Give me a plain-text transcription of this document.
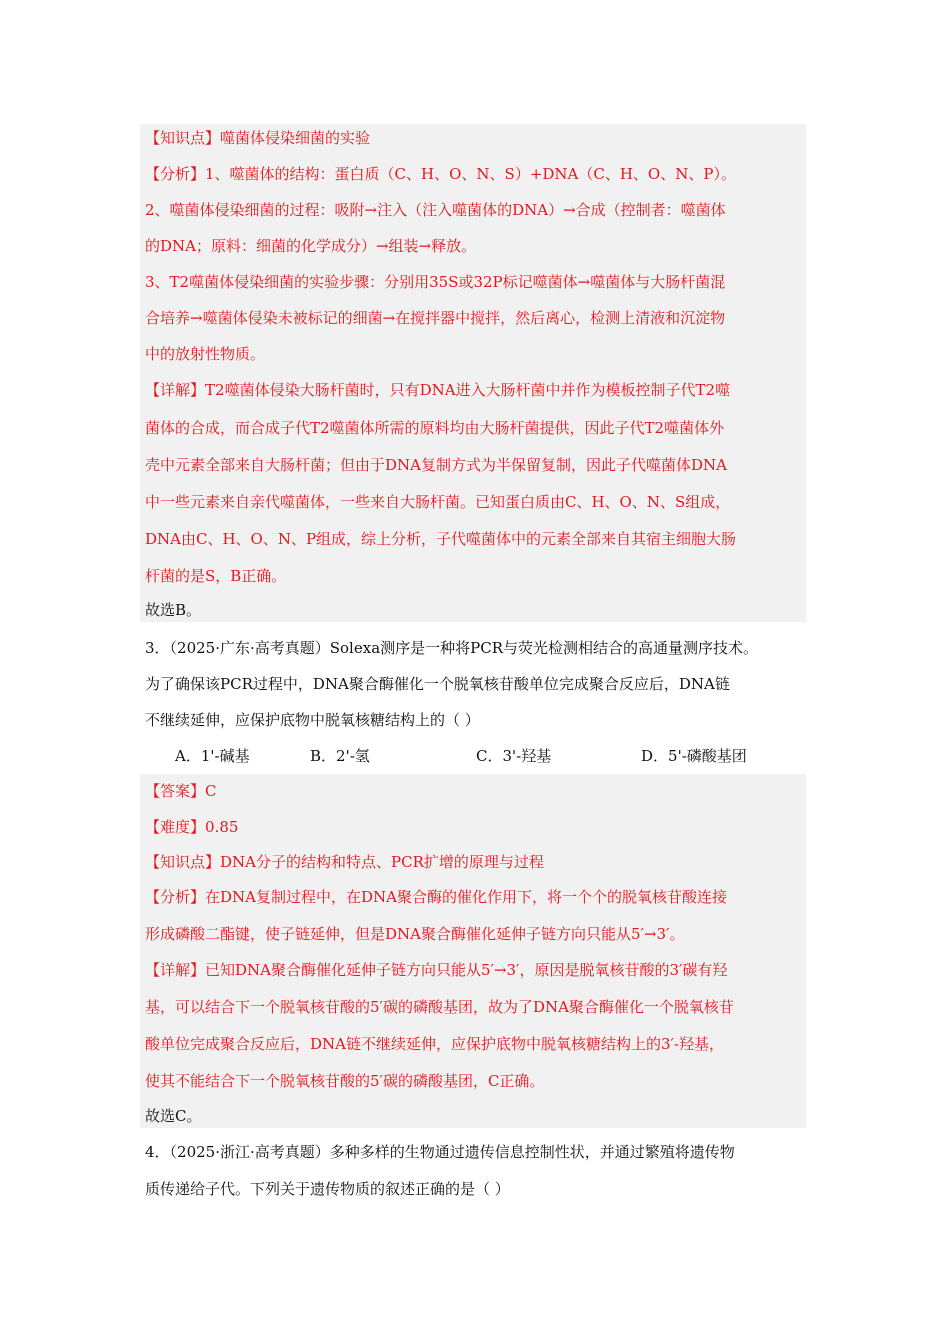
【知识点】噬菌体侵染细菌的实验
【分析】1、噬菌体的结构：蛋白质（C、H、O、N、S）+DNA（C、H、O、N、P）。
2、噬菌体侵染细菌的过程：吸附→注入（注入噬菌体的DNA）→合成（控制者：噬菌体
的DNA；原料：细菌的化学成分）→组装→释放。
3、T2噬菌体侵染细菌的实验步骤：分别用35S或32P标记噬菌体→噬菌体与大肠杆菌混
合培养→噬菌体侵染未被标记的细菌→在搅拌器中搅拌，然后离心，检测上清液和沉淀物
中的放射性物质。
【详解】T2噬菌体侵染大肠杆菌时，只有DNA进入大肠杆菌中并作为模板控制子代T2噬
菌体的合成，而合成子代T2噬菌体所需的原料均由大肠杆菌提供，因此子代T2噬菌体外
壳中元素全部来自大肠杆菌；但由于DNA复制方式为半保留复制，因此子代噬菌体DNA
中一些元素来自亲代噬菌体，一些来自大肠杆菌。已知蛋白质由C、H、O、N、S组成，
DNA由C、H、O、N、P组成，综上分析，子代噬菌体中的元素全部来自其宿主细胞大肠
杆菌的是S，B正确。
故选B。
3．（2025·广东·高考真题）Solexa测序是一种将PCR与荧光检测相结合的高通量测序技术。
为了确保该PCR过程中，DNA聚合酶催化一个脱氧核苷酸单位完成聚合反应后，DNA链
不继续延伸，应保护底物中脱氧核糖结构上的（ ）
A．1'-碱基	B．2'-氢	C．3'-羟基	D．5'-磷酸基团
【答案】C
【难度】0.85
【知识点】DNA分子的结构和特点、PCR扩增的原理与过程
【分析】在DNA复制过程中，在DNA聚合酶的催化作用下，将一个个的脱氧核苷酸连接
形成磷酸二酯键，使子链延伸，但是DNA聚合酶催化延伸子链方向只能从5′→3′。
【详解】已知DNA聚合酶催化延伸子链方向只能从5′→3′，原因是脱氧核苷酸的3′碳有羟
基，可以结合下一个脱氧核苷酸的5′碳的磷酸基团，故为了DNA聚合酶催化一个脱氧核苷
酸单位完成聚合反应后，DNA链不继续延伸，应保护底物中脱氧核糖结构上的3′-羟基，
使其不能结合下一个脱氧核苷酸的5′碳的磷酸基团，C正确。
故选C。
4．（2025·浙江·高考真题）多种多样的生物通过遗传信息控制性状，并通过繁殖将遗传物
质传递给子代。下列关于遗传物质的叙述正确的是（ ）
